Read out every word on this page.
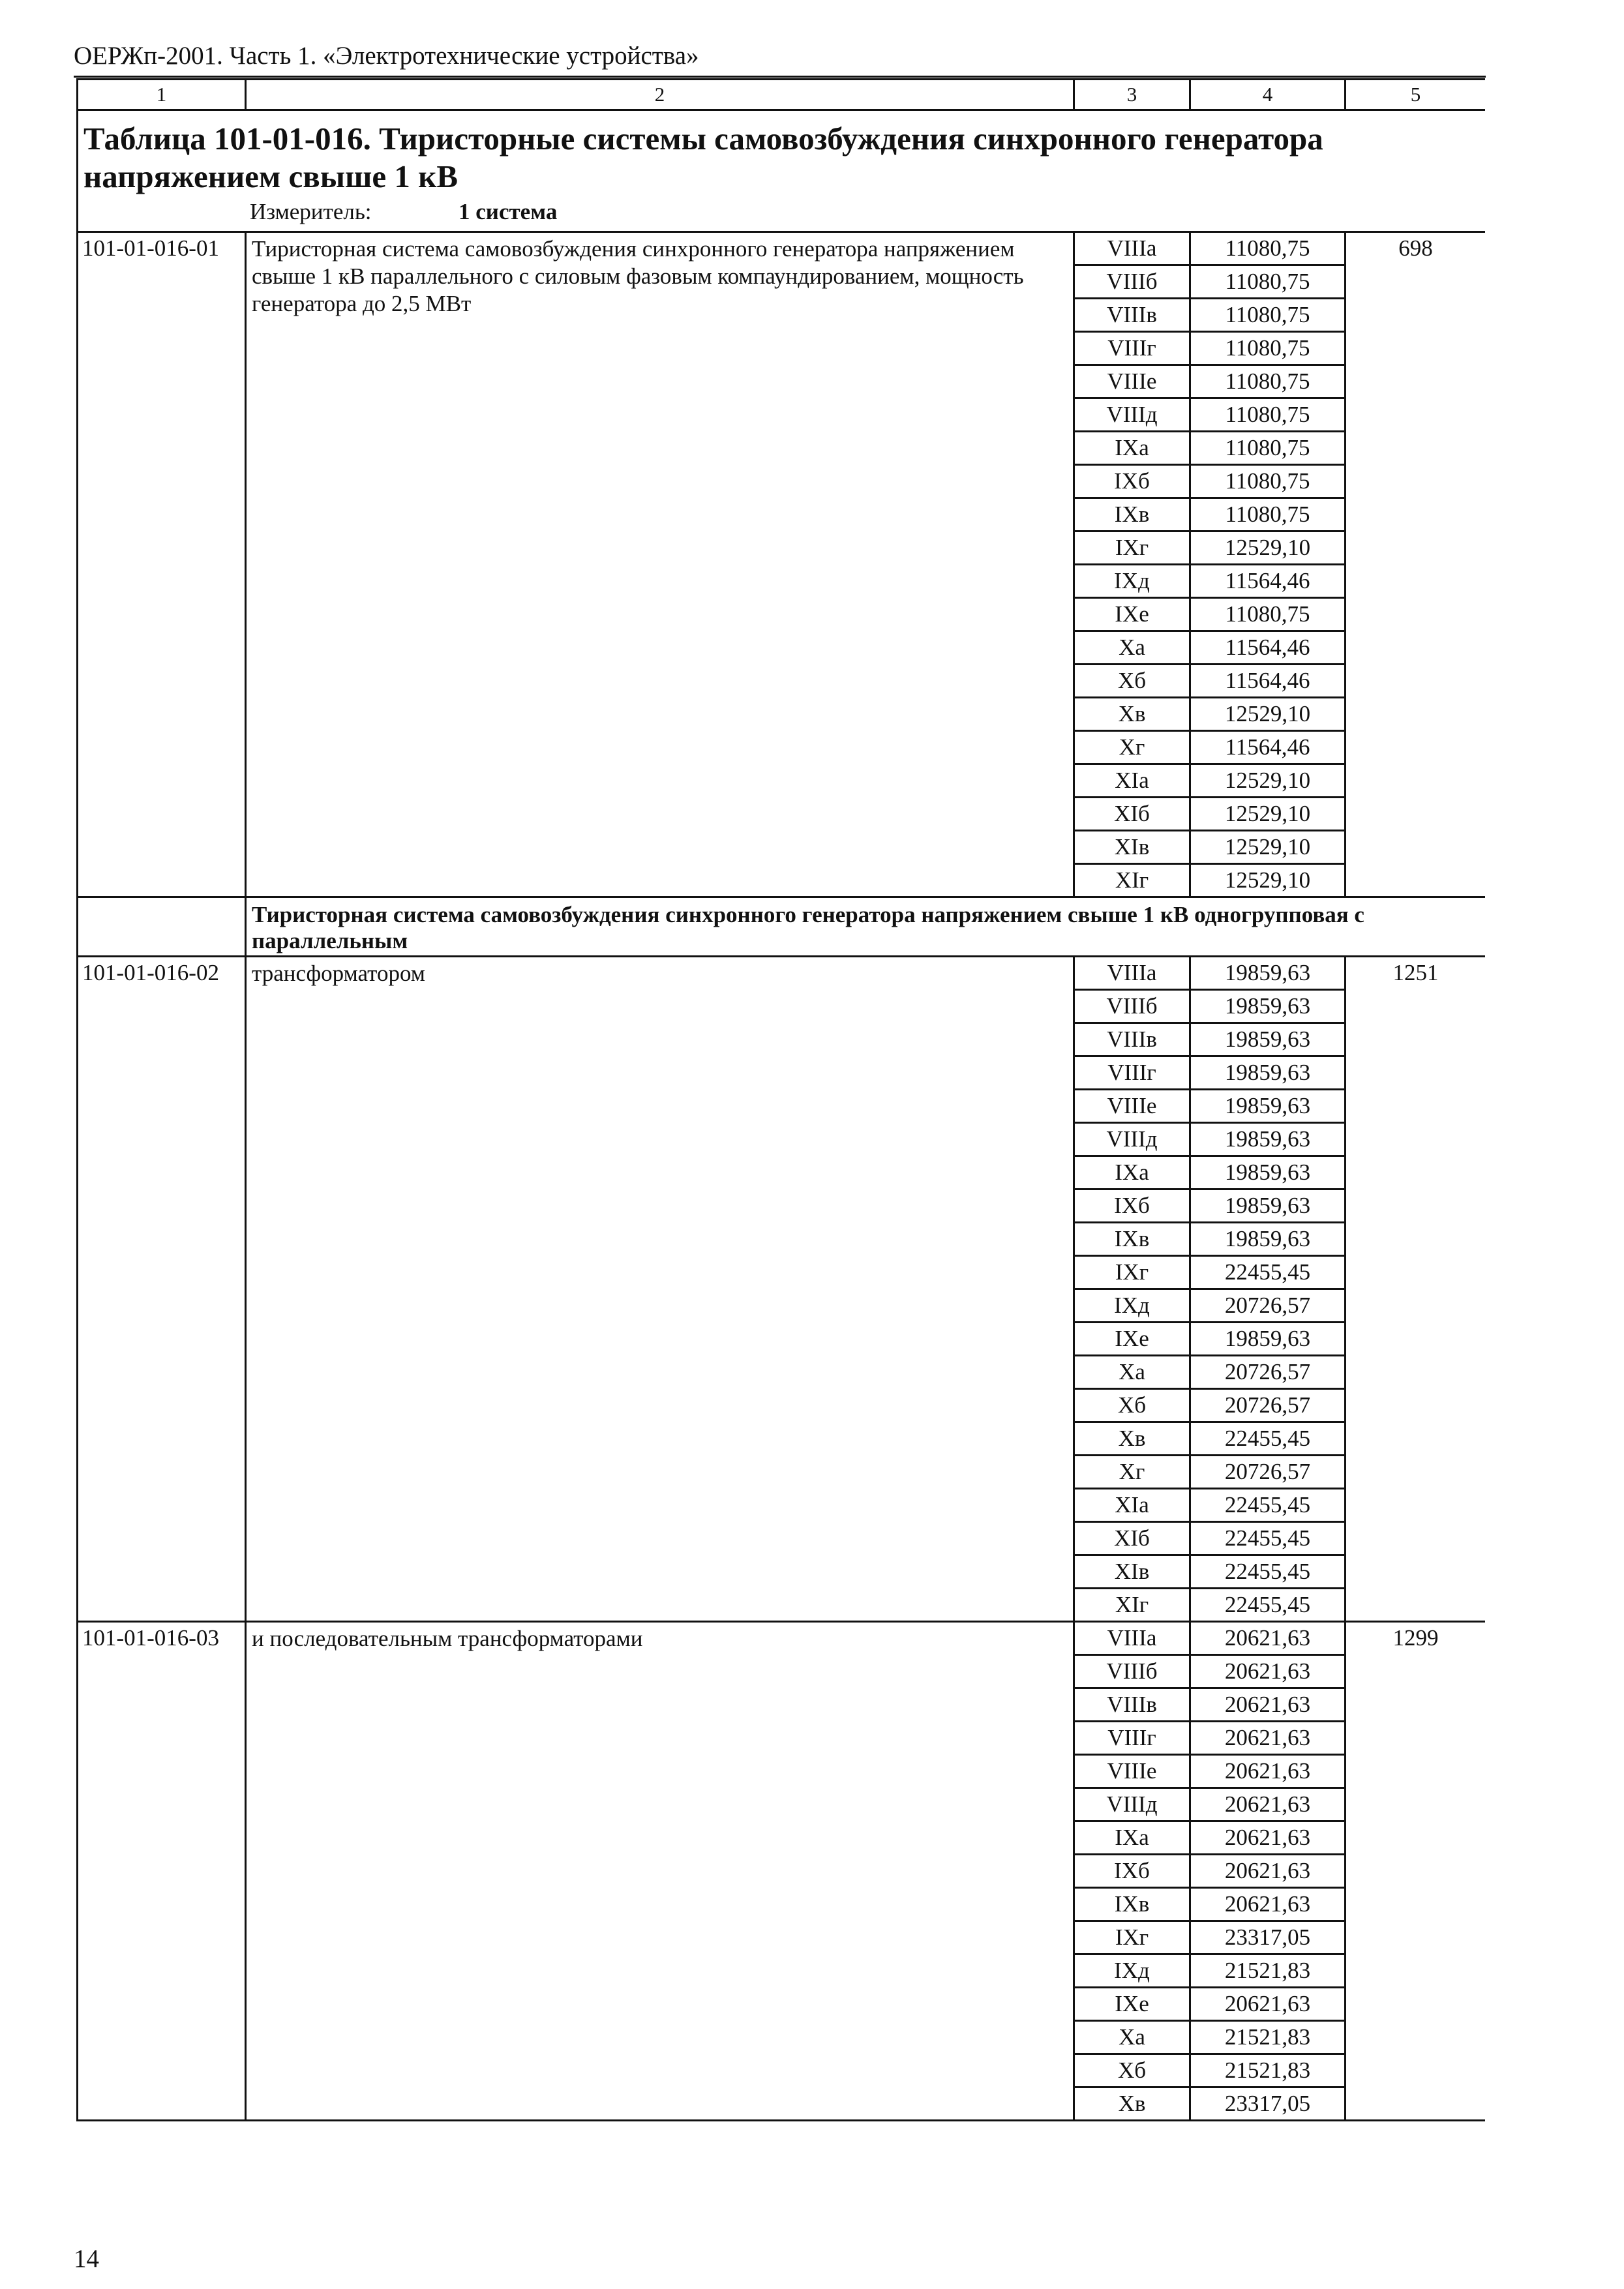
ОЕРЖп-2001. Часть 1. «Электротехнические устройства»
1	2	3	4	5

Таблица 101-01-016. Тиристорные системы самовозбуждения синхронного генератора напряжением свыше 1 кВ
Измеритель: 1 система				

101-01-016-01	Тиристорная система самовозбуждения синхронного генератора напряжением свыше 1 кВ параллельного с силовым фазовым компаундированием, мощность генератора до 2,5 МВт	VIIIа	11080,75	698
		VIIIб	11080,75	
		VIIIв	11080,75	
		VIIIг	11080,75	
		VIIIе	11080,75	
		VIIIд	11080,75	
		IXа	11080,75	
		IXб	11080,75	
		IXв	11080,75	
		IXг	12529,10	
		IXд	11564,46	
		IXе	11080,75	
		Xа	11564,46	
		Xб	11564,46	
		Xв	12529,10	
		Xг	11564,46	
		XIа	12529,10	
		XIб	12529,10	
		XIв	12529,10	
		XIг	12529,10	
	Тиристорная система самовозбуждения синхронного генератора напряжением свыше 1 кВ одногрупповая с параллельным			
101-01-016-02	трансформатором	VIIIа	19859,63	1251
		VIIIб	19859,63	
		VIIIв	19859,63	
		VIIIг	19859,63	
		VIIIе	19859,63	
		VIIIд	19859,63	
		IXа	19859,63	
		IXб	19859,63	
		IXв	19859,63	
		IXг	22455,45	
		IXд	20726,57	
		IXе	19859,63	
		Xа	20726,57	
		Xб	20726,57	
		Xв	22455,45	
		Xг	20726,57	
		XIа	22455,45	
		XIб	22455,45	
		XIв	22455,45	
		XIг	22455,45	
101-01-016-03	и последовательным трансформаторами	VIIIа	20621,63	1299
		VIIIб	20621,63	
		VIIIв	20621,63	
		VIIIг	20621,63	
		VIIIе	20621,63	
		VIIIд	20621,63	
		IXа	20621,63	
		IXб	20621,63	
		IXв	20621,63	
		IXг	23317,05	
		IXд	21521,83	
		IXе	20621,63	
		Xа	21521,83	
		Xб	21521,83	
		Xв	23317,05	
14
